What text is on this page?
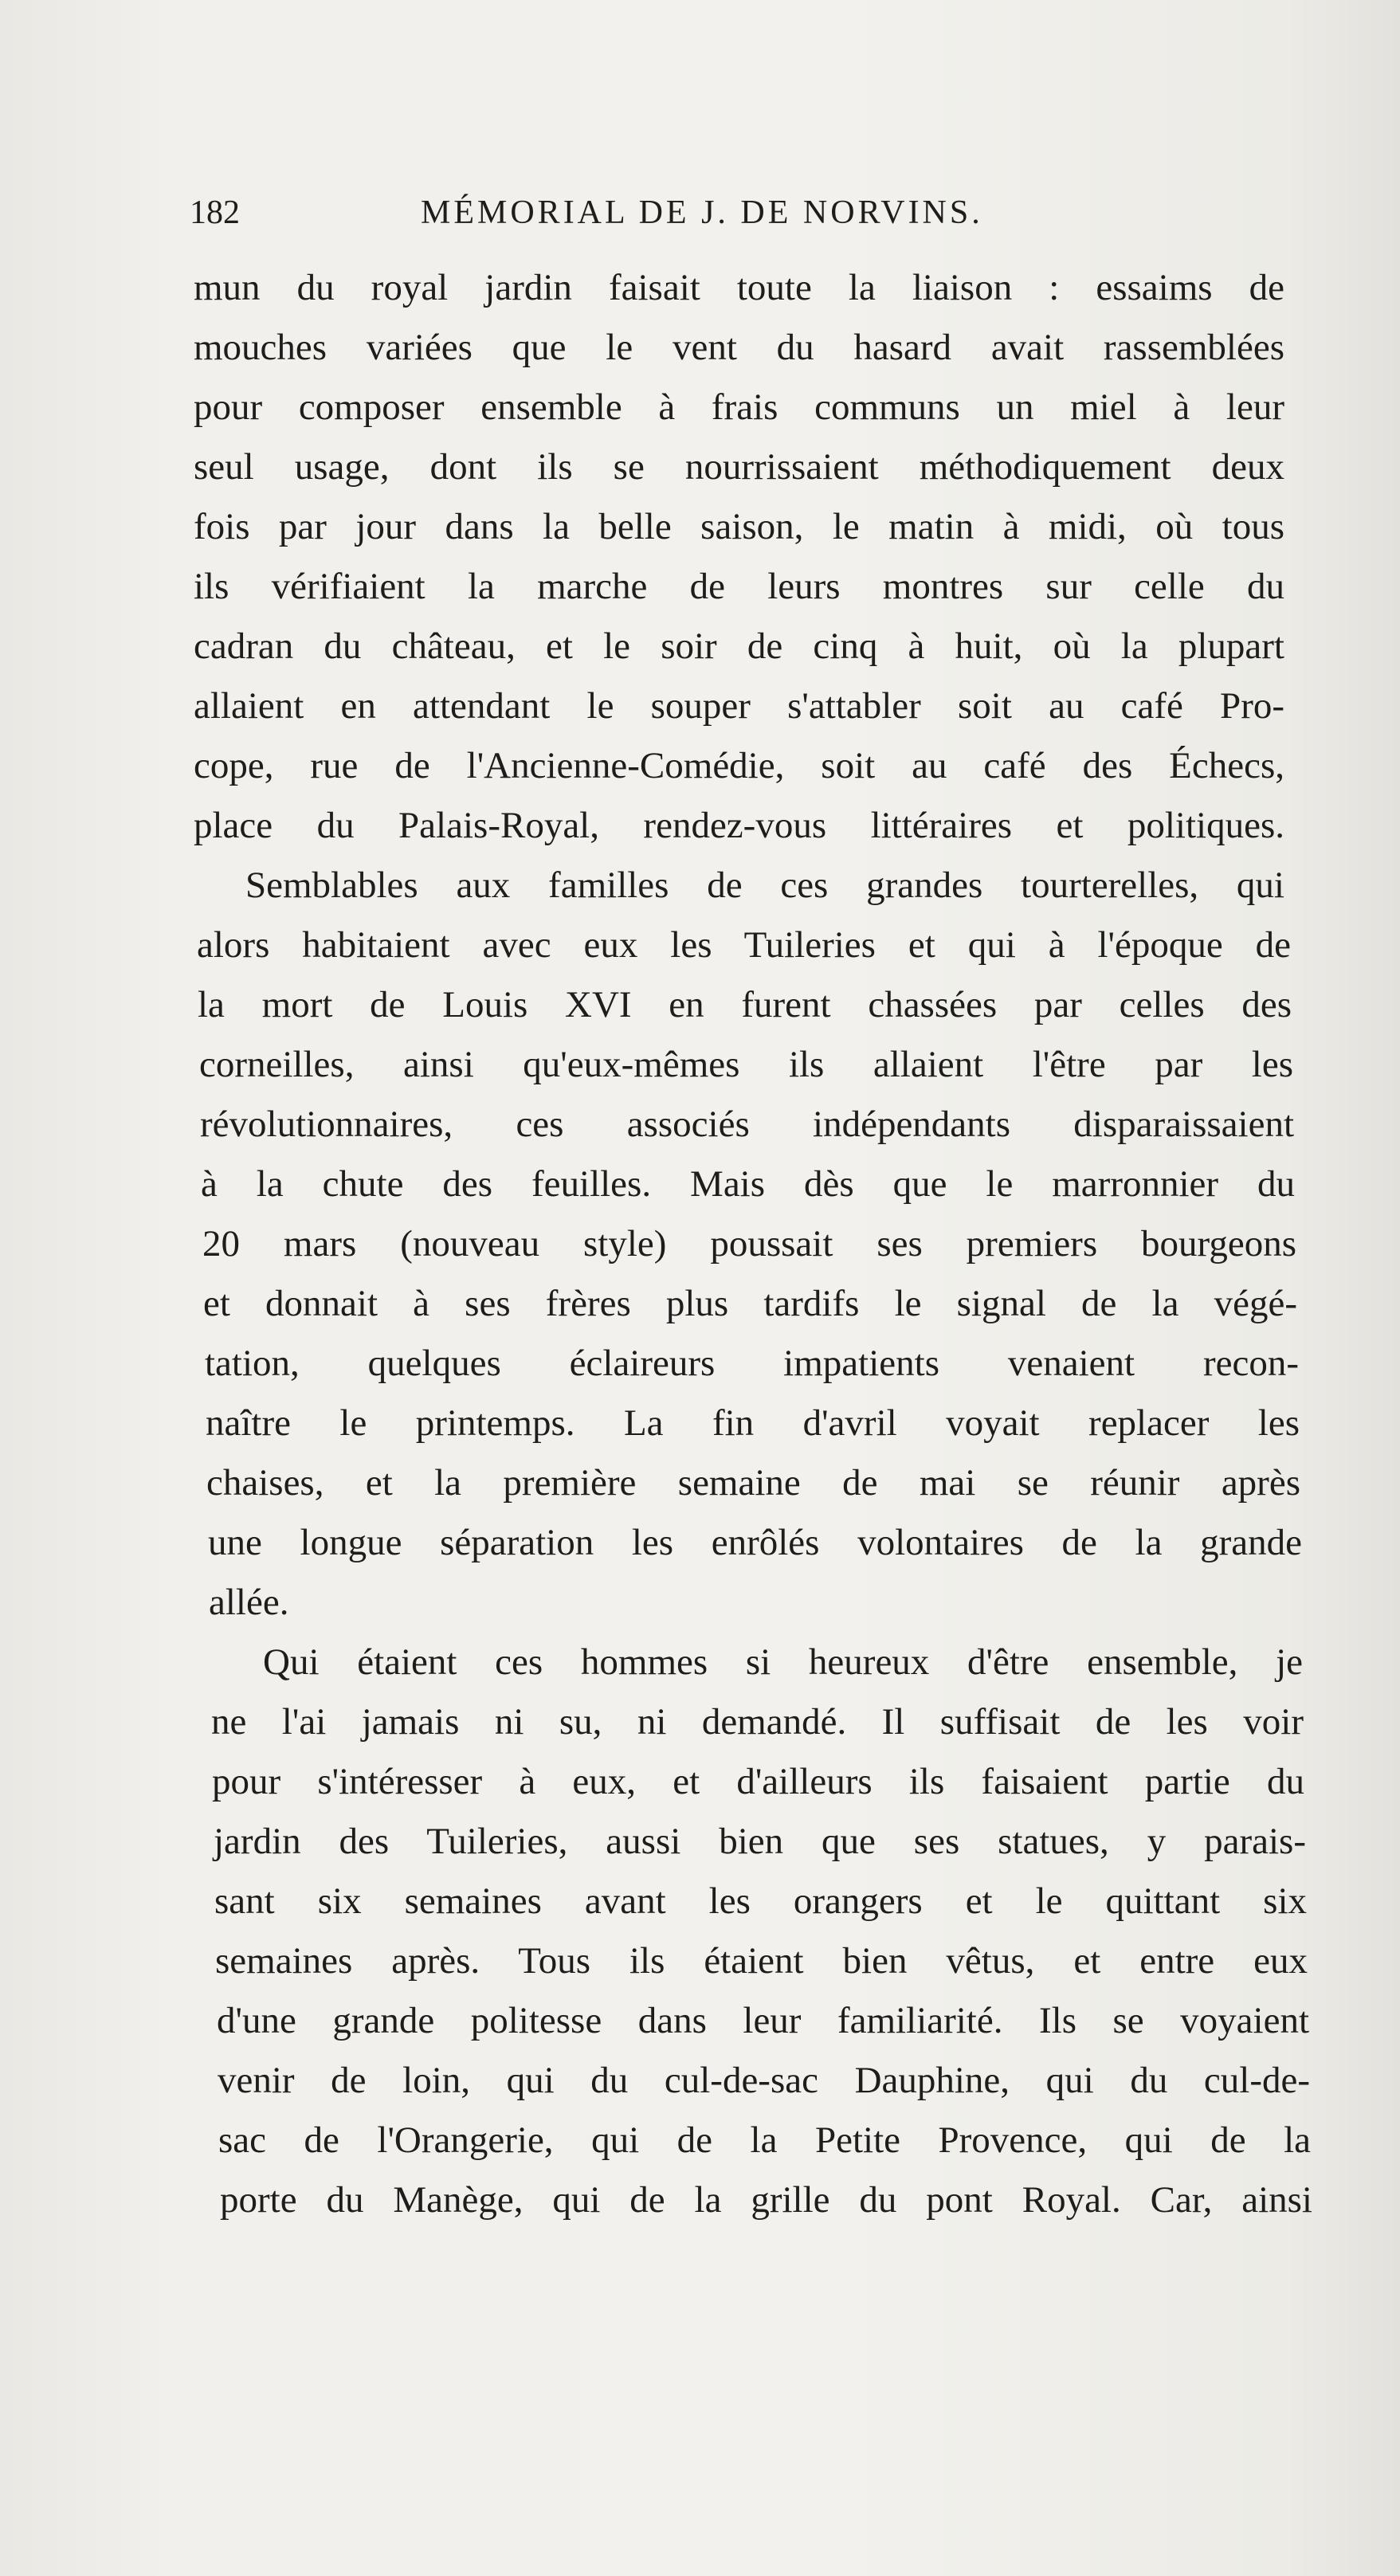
182	MÉMORIAL DE J. DE NORVINS.
mun du royal jardin faisait toute la liaison : essaims de
mouches variées que le vent du hasard avait rassemblées
pour composer ensemble à frais communs un miel à leur
seul usage, dont ils se nourrissaient méthodiquement deux
fois par jour dans la belle saison, le matin à midi, où tous
ils vérifiaient la marche de leurs montres sur celle du
cadran du château, et le soir de cinq à huit, où la plupart
allaient en attendant le souper s'attabler soit au café Pro-
cope, rue de l'Ancienne-Comédie, soit au café des Échecs,
place du Palais-Royal, rendez-vous littéraires et politiques.
Semblables aux familles de ces grandes tourterelles, qui
alors habitaient avec eux les Tuileries et qui à l'époque de
la mort de Louis XVI en furent chassées par celles des
corneilles, ainsi qu'eux-mêmes ils allaient l'être par les
révolutionnaires, ces associés indépendants disparaissaient
à la chute des feuilles. Mais dès que le marronnier du
20 mars (nouveau style) poussait ses premiers bourgeons
et donnait à ses frères plus tardifs le signal de la végé-
tation, quelques éclaireurs impatients venaient recon-
naître le printemps. La fin d'avril voyait replacer les
chaises, et la première semaine de mai se réunir après
une longue séparation les enrôlés volontaires de la grande
allée.
Qui étaient ces hommes si heureux d'être ensemble, je
ne l'ai jamais ni su, ni demandé. Il suffisait de les voir
pour s'intéresser à eux, et d'ailleurs ils faisaient partie du
jardin des Tuileries, aussi bien que ses statues, y parais-
sant six semaines avant les orangers et le quittant six
semaines après. Tous ils étaient bien vêtus, et entre eux
d'une grande politesse dans leur familiarité. Ils se voyaient
venir de loin, qui du cul-de-sac Dauphine, qui du cul-de-
sac de l'Orangerie, qui de la Petite Provence, qui de la
porte du Manège, qui de la grille du pont Royal. Car, ainsi
